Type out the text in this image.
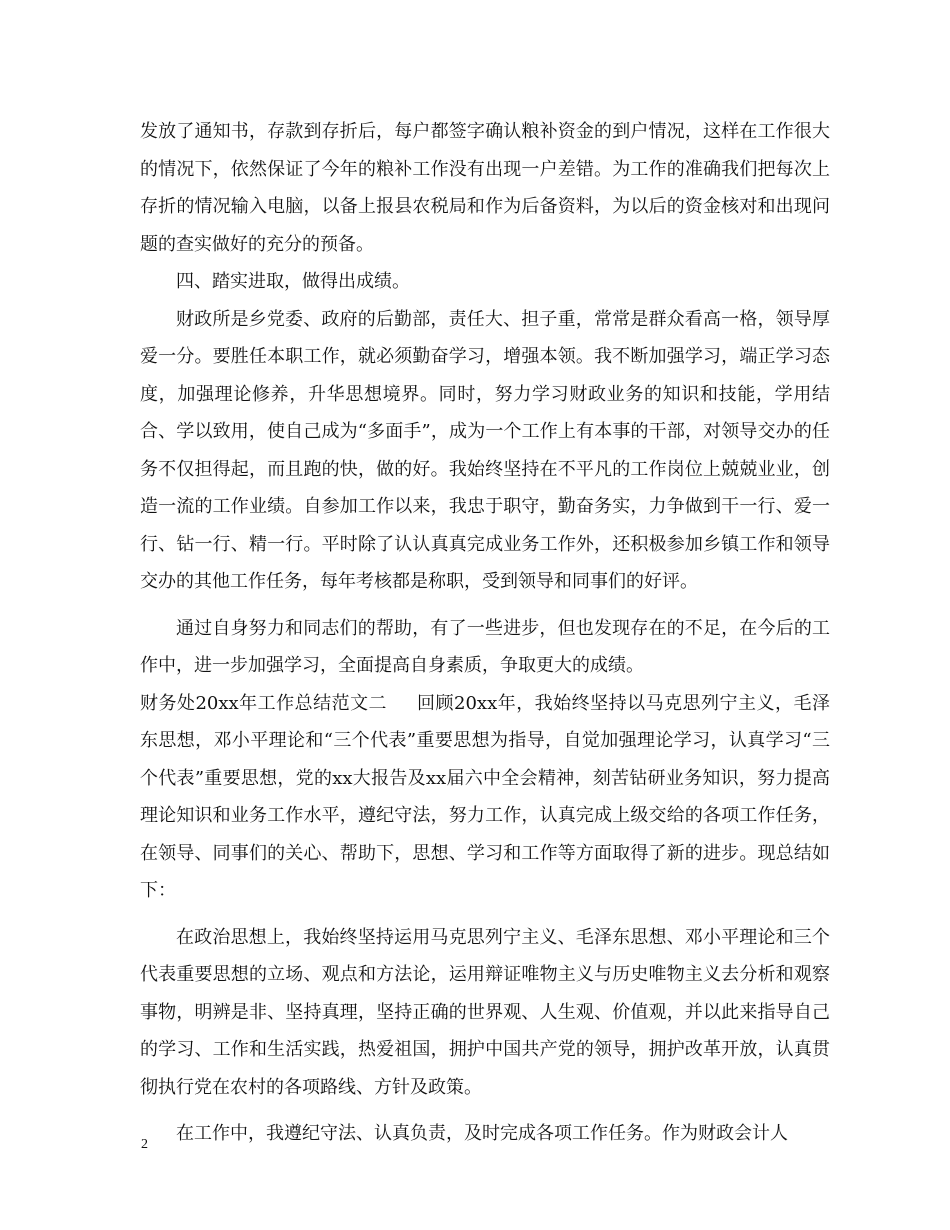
发放了通知书，存款到存折后，每户都签字确认粮补资金的到户情况，这样在工作很大的情况下，依然保证了今年的粮补工作没有出现一户差错。为工作的准确我们把每次上存折的情况输入电脑，以备上报县农税局和作为后备资料，为以后的资金核对和出现问题的查实做好的充分的预备。

四、踏实进取，做得出成绩。

财政所是乡党委、政府的后勤部，责任大、担子重，常常是群众看高一格，领导厚爱一分。要胜任本职工作，就必须勤奋学习，增强本领。我不断加强学习，端正学习态度，加强理论修养，升华思想境界。同时，努力学习财政业务的知识和技能，学用结合、学以致用，使自己成为“多面手”，成为一个工作上有本事的干部，对领导交办的任务不仅担得起，而且跑的快，做的好。我始终坚持在不平凡的工作岗位上兢兢业业，创造一流的工作业绩。自参加工作以来，我忠于职守，勤奋务实，力争做到干一行、爱一行、钻一行、精一行。平时除了认认真真完成业务工作外，还积极参加乡镇工作和领导交办的其他工作任务，每年考核都是称职，受到领导和同事们的好评。

通过自身努力和同志们的帮助，有了一些进步，但也发现存在的不足，在今后的工作中，进一步加强学习，全面提高自身素质，争取更大的成绩。

财务处20xx年工作总结范文二 回顾20xx年，我始终坚持以马克思列宁主义，毛泽东思想，邓小平理论和“三个代表”重要思想为指导，自觉加强理论学习，认真学习“三个代表”重要思想，党的xx大报告及xx届六中全会精神，刻苦钻研业务知识，努力提高理论知识和业务工作水平，遵纪守法，努力工作，认真完成上级交给的各项工作任务，在领导、同事们的关心、帮助下，思想、学习和工作等方面取得了新的进步。现总结如下：

在政治思想上，我始终坚持运用马克思列宁主义、毛泽东思想、邓小平理论和三个代表重要思想的立场、观点和方法论，运用辩证唯物主义与历史唯物主义去分析和观察事物，明辨是非、坚持真理，坚持正确的世界观、人生观、价值观，并以此来指导自己的学习、工作和生活实践，热爱祖国，拥护中国共产党的领导，拥护改革开放，认真贯彻执行党在农村的各项路线、方针及政策。

在工作中，我遵纪守法、认真负责，及时完成各项工作任务。作为财政会计人

2
